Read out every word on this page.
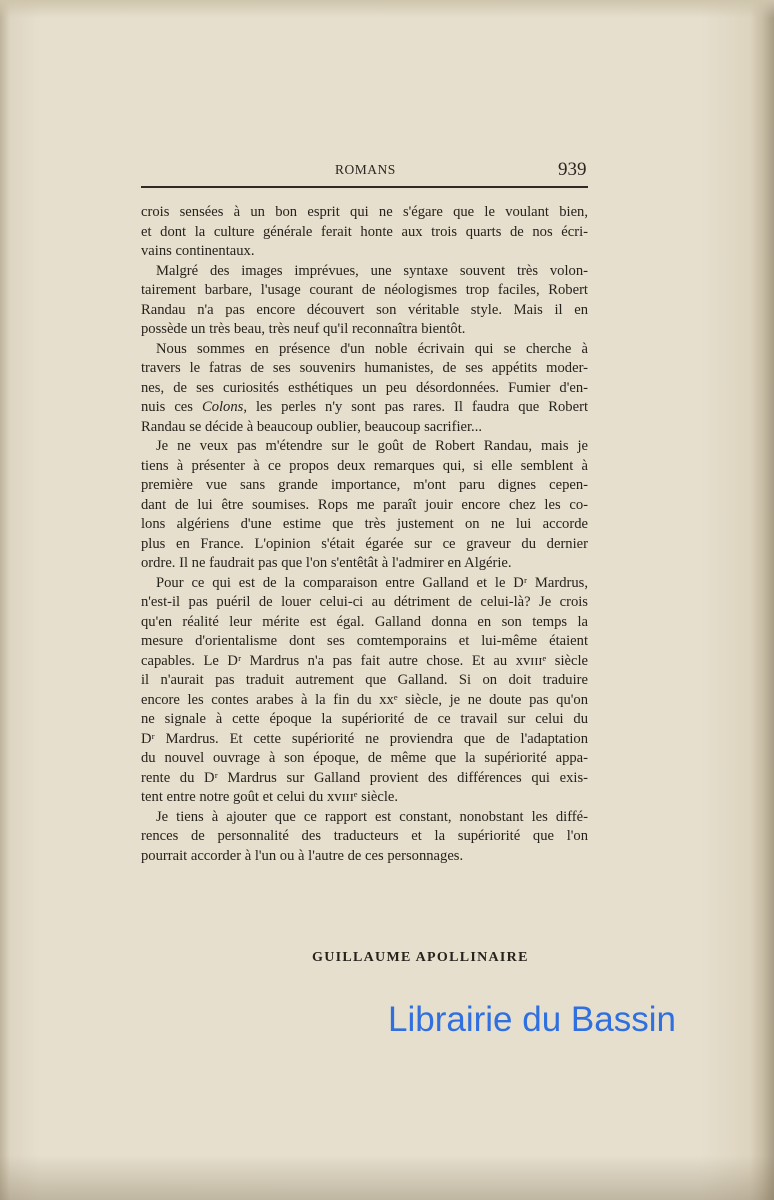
ROMANS	939
crois sensées à un bon esprit qui ne s'égare que le voulant bien,
et dont la culture générale ferait honte aux trois quarts de nos écri-
vains continentaux.
Malgré des images imprévues, une syntaxe souvent très volon-
tairement barbare, l'usage courant de néologismes trop faciles, Robert
Randau n'a pas encore découvert son véritable style. Mais il en
possède un très beau, très neuf qu'il reconnaîtra bientôt.
Nous sommes en présence d'un noble écrivain qui se cherche à
travers le fatras de ses souvenirs humanistes, de ses appétits moder-
nes, de ses curiosités esthétiques un peu désordonnées. Fumier d'en-
nuis ces Colons, les perles n'y sont pas rares. Il faudra que Robert
Randau se décide à beaucoup oublier, beaucoup sacrifier...
Je ne veux pas m'étendre sur le goût de Robert Randau, mais je
tiens à présenter à ce propos deux remarques qui, si elle semblent à
première vue sans grande importance, m'ont paru dignes cepen-
dant de lui être soumises. Rops me paraît jouir encore chez les co-
lons algériens d'une estime que très justement on ne lui accorde
plus en France. L'opinion s'était égarée sur ce graveur du dernier
ordre. Il ne faudrait pas que l'on s'entêtât à l'admirer en Algérie.
Pour ce qui est de la comparaison entre Galland et le Dʳ Mardrus,
n'est-il pas puéril de louer celui-ci au détriment de celui-là? Je crois
qu'en réalité leur mérite est égal. Galland donna en son temps la
mesure d'orientalisme dont ses comtemporains et lui-même étaient
capables. Le Dʳ Mardrus n'a pas fait autre chose. Et au xᴠɪɪɪᵉ siècle
il n'aurait pas traduit autrement que Galland. Si on doit traduire
encore les contes arabes à la fin du xxᵉ siècle, je ne doute pas qu'on
ne signale à cette époque la supériorité de ce travail sur celui du
Dʳ Mardrus. Et cette supériorité ne proviendra que de l'adaptation
du nouvel ouvrage à son époque, de même que la supériorité appa-
rente du Dʳ Mardrus sur Galland provient des différences qui exis-
tent entre notre goût et celui du xᴠɪɪɪᵉ siècle.
Je tiens à ajouter que ce rapport est constant, nonobstant les diffé-
rences de personnalité des traducteurs et la supériorité que l'on
pourrait accorder à l'un ou à l'autre de ces personnages.
GUILLAUME APOLLINAIRE
Librairie du Bassin
